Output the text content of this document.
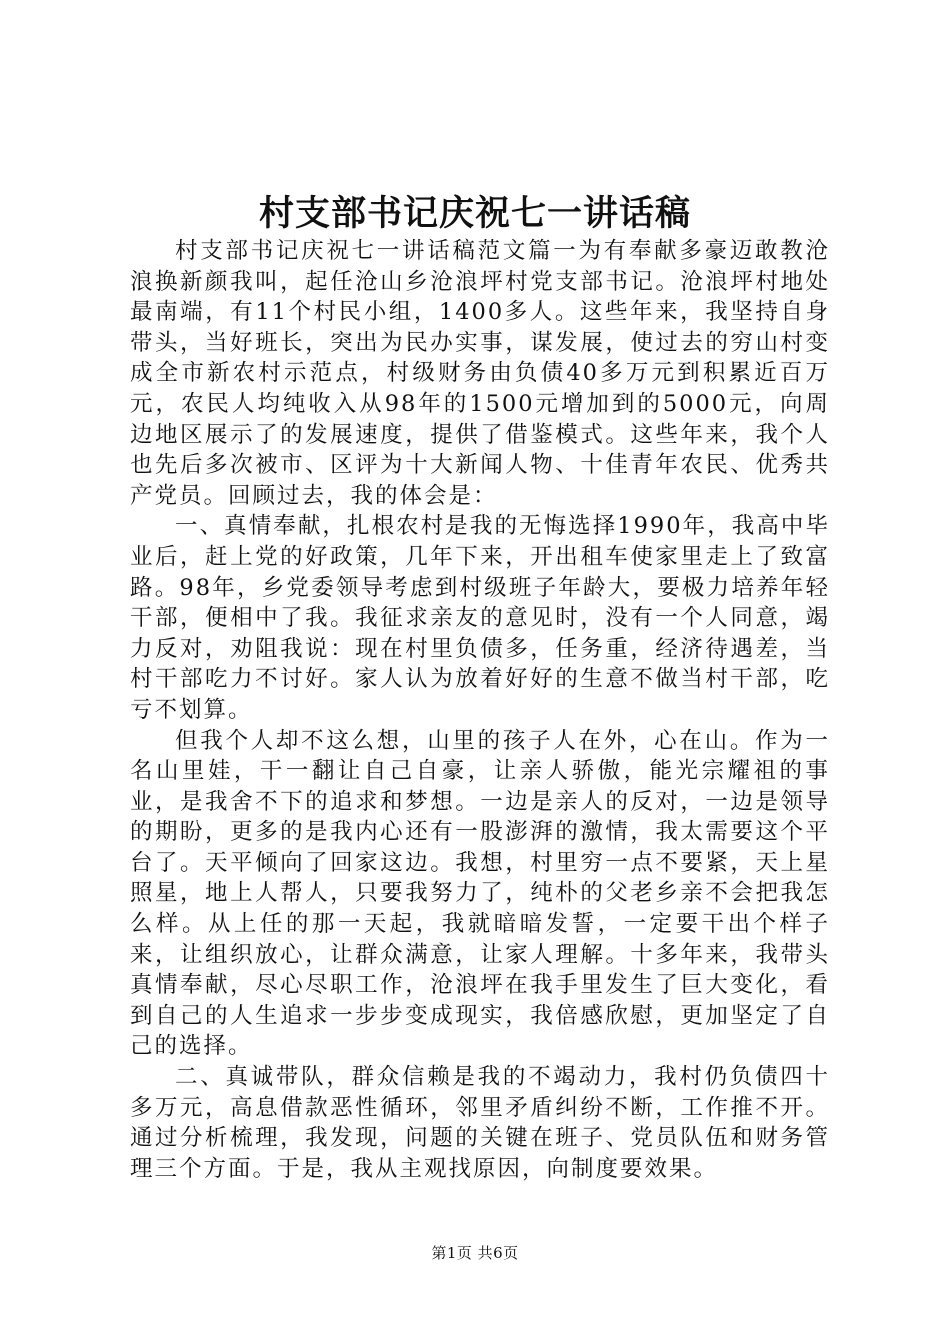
村支部书记庆祝七一讲话稿

村支部书记庆祝七一讲话稿范文篇一为有奉献多豪迈敢教沧浪换新颜我叫，起任沧山乡沧浪坪村党支部书记。沧浪坪村地处最南端，有11个村民小组，1400多人。这些年来，我坚持自身带头，当好班长，突出为民办实事，谋发展，使过去的穷山村变成全市新农村示范点，村级财务由负债40多万元到积累近百万元，农民人均纯收入从98年的1500元增加到的5000元，向周边地区展示了的发展速度，提供了借鉴模式。这些年来，我个人也先后多次被市、区评为十大新闻人物、十佳青年农民、优秀共产党员。回顾过去，我的体会是：

一、真情奉献，扎根农村是我的无悔选择1990年，我高中毕业后，赶上党的好政策，几年下来，开出租车使家里走上了致富路。98年，乡党委领导考虑到村级班子年龄大，要极力培养年轻干部，便相中了我。我征求亲友的意见时，没有一个人同意，竭力反对，劝阻我说：现在村里负债多，任务重，经济待遇差，当村干部吃力不讨好。家人认为放着好好的生意不做当村干部，吃亏不划算。

但我个人却不这么想，山里的孩子人在外，心在山。作为一名山里娃，干一翻让自己自豪，让亲人骄傲，能光宗耀祖的事业，是我舍不下的追求和梦想。一边是亲人的反对，一边是领导的期盼，更多的是我内心还有一股澎湃的激情，我太需要这个平台了。天平倾向了回家这边。我想，村里穷一点不要紧，天上星照星，地上人帮人，只要我努力了，纯朴的父老乡亲不会把我怎么样。从上任的那一天起，我就暗暗发誓，一定要干出个样子来，让组织放心，让群众满意，让家人理解。十多年来，我带头真情奉献，尽心尽职工作，沧浪坪在我手里发生了巨大变化，看到自己的人生追求一步步变成现实，我倍感欣慰，更加坚定了自己的选择。

二、真诚带队，群众信赖是我的不竭动力，我村仍负债四十多万元，高息借款恶性循环，邻里矛盾纠纷不断，工作推不开。通过分析梳理，我发现，问题的关键在班子、党员队伍和财务管理三个方面。于是，我从主观找原因，向制度要效果。

第1页 共6页
